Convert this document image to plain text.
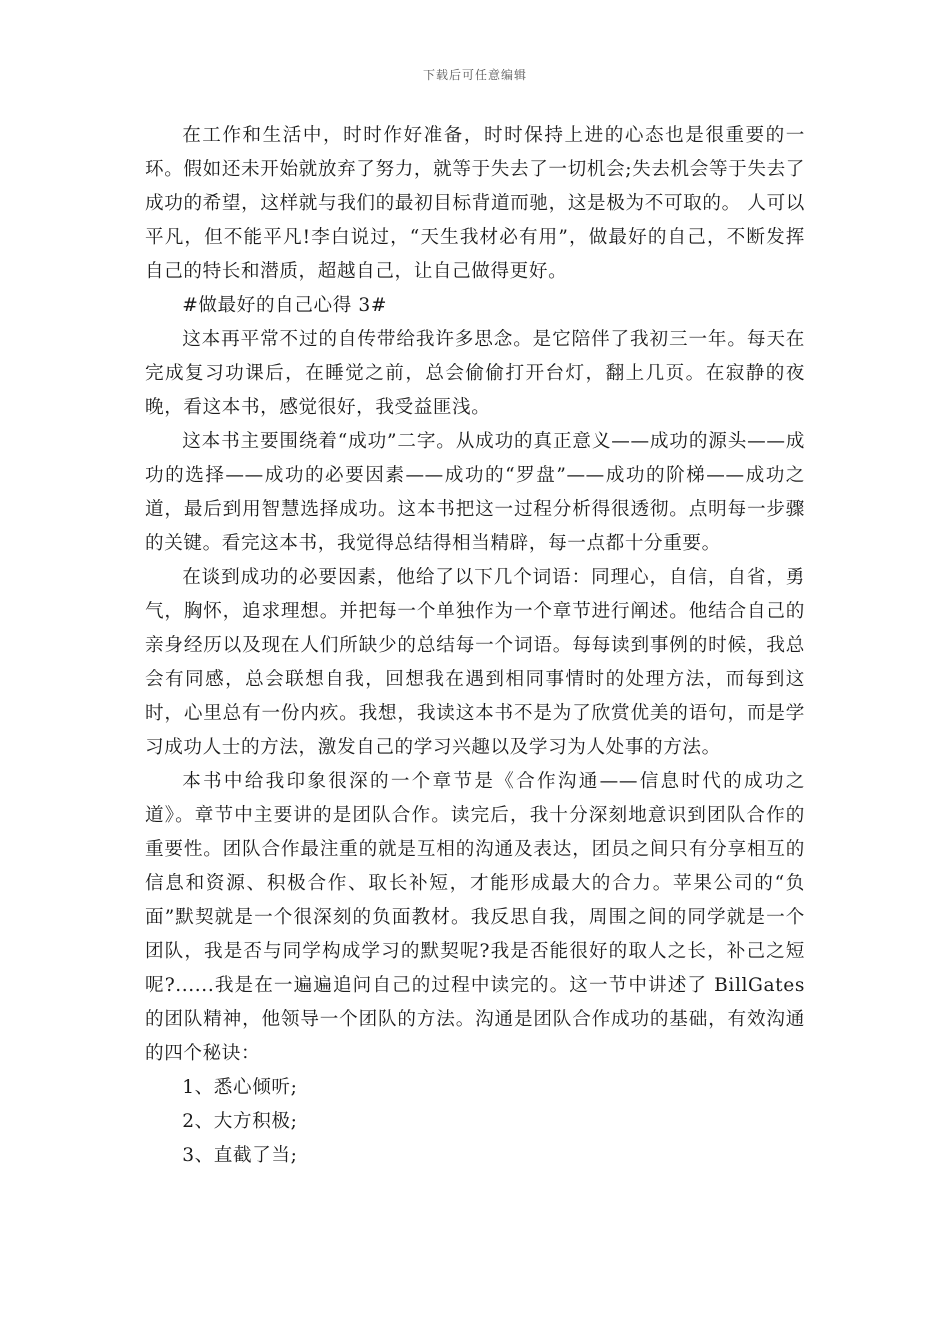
下载后可任意编辑

在工作和生活中，时时作好准备，时时保持上进的心态也是很重要的一环。假如还未开始就放弃了努力，就等于失去了一切机会;失去机会等于失去了成功的希望，这样就与我们的最初目标背道而驰，这是极为不可取的。 人可以平凡，但不能平凡!李白说过，“天生我材必有用”，做最好的自己，不断发挥自己的特长和潜质，超越自己，让自己做得更好。

#做最好的自己心得 3#

这本再平常不过的自传带给我许多思念。是它陪伴了我初三一年。每天在完成复习功课后，在睡觉之前，总会偷偷打开台灯，翻上几页。在寂静的夜晚，看这本书，感觉很好，我受益匪浅。

这本书主要围绕着“成功”二字。从成功的真正意义——成功的源头——成功的选择——成功的必要因素——成功的“罗盘”——成功的阶梯——成功之道，最后到用智慧选择成功。这本书把这一过程分析得很透彻。点明每一步骤的关键。看完这本书，我觉得总结得相当精辟，每一点都十分重要。

在谈到成功的必要因素，他给了以下几个词语：同理心，自信，自省，勇气，胸怀，追求理想。并把每一个单独作为一个章节进行阐述。他结合自己的亲身经历以及现在人们所缺少的总结每一个词语。每每读到事例的时候，我总会有同感，总会联想自我，回想我在遇到相同事情时的处理方法，而每到这时，心里总有一份内疚。我想，我读这本书不是为了欣赏优美的语句，而是学习成功人士的方法，激发自己的学习兴趣以及学习为人处事的方法。

本书中给我印象很深的一个章节是《合作沟通——信息时代的成功之道》。章节中主要讲的是团队合作。读完后，我十分深刻地意识到团队合作的重要性。团队合作最注重的就是互相的沟通及表达，团员之间只有分享相互的信息和资源、积极合作、取长补短，才能形成最大的合力。苹果公司的“负面”默契就是一个很深刻的负面教材。我反思自我，周围之间的同学就是一个团队，我是否与同学构成学习的默契呢?我是否能很好的取人之长，补己之短呢?......我是在一遍遍追问自己的过程中读完的。这一节中讲述了 BillGates 的团队精神，他领导一个团队的方法。沟通是团队合作成功的基础，有效沟通的四个秘诀：

1、悉心倾听;

2、大方积极;

3、直截了当;
